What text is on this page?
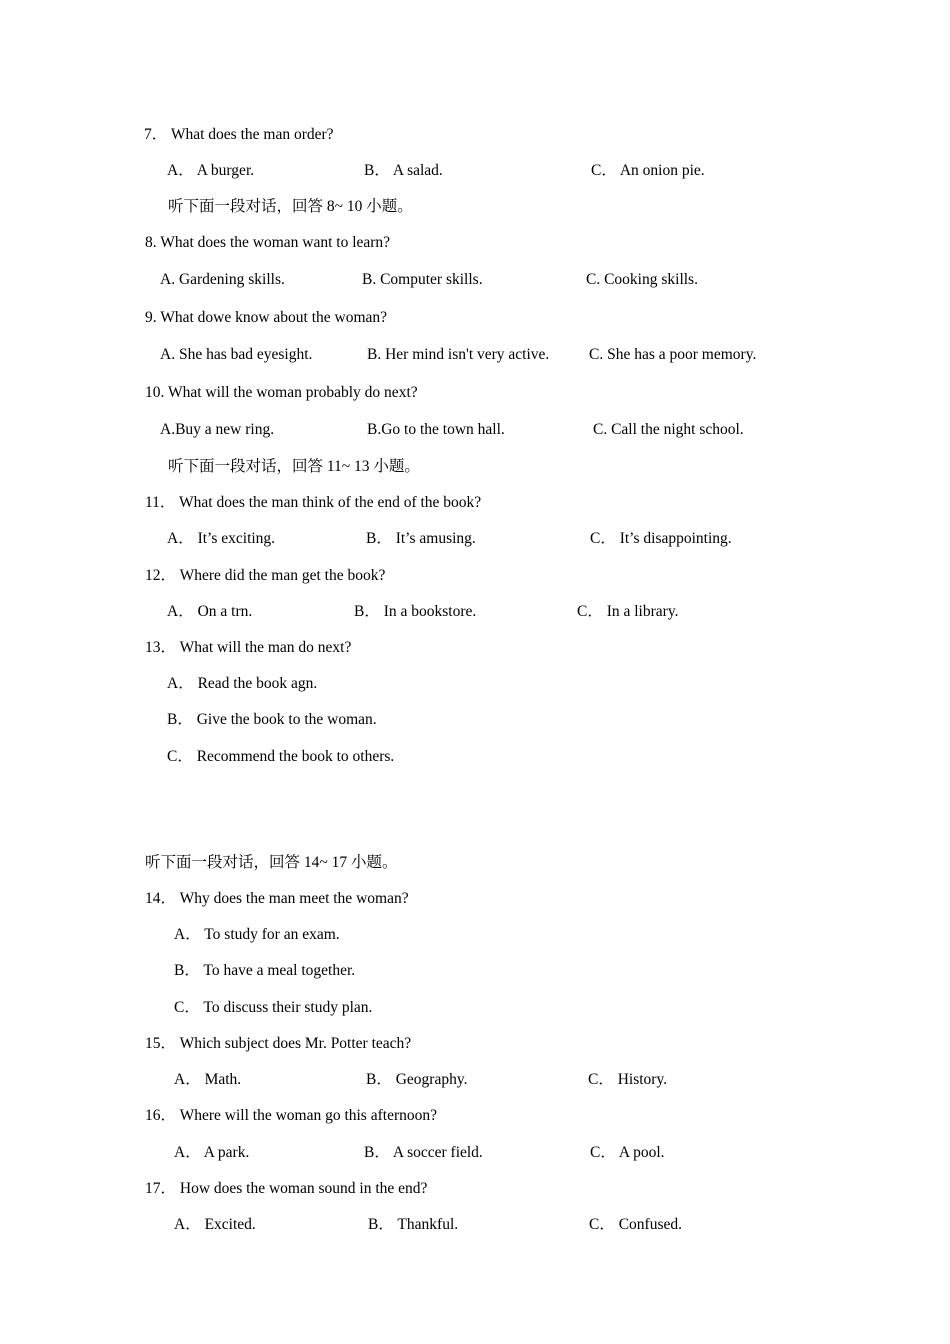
7． What does the man order?
A． A burger.	B． A salad.	C． An onion pie.
听下面一段对话，回答 8~ 10 小题。
8. What does the woman want to learn?
A. Gardening skills.	B. Computer skills.	C. Cooking skills.
9. What dowe know about the woman?
A. She has bad eyesight.	B. Her mind isn't very active.	C. She has a poor memory.
10. What will the woman probably do next?
A.Buy a new ring.	B.Go to the town hall.	C. Call the night school.
听下面一段对话，回答 11~ 13 小题。
11． What does the man think of the end of the book?
A． It’s exciting.	B． It’s amusing.	C． It’s disappointing.
12． Where did the man get the book?
A． On a trn.	B． In a bookstore.	C． In a library.
13． What will the man do next?
A． Read the book agn.
B． Give the book to the woman.
C． Recommend the book to others.
听下面一段对话，回答 14~ 17 小题。
14． Why does the man meet the woman?
A． To study for an exam.
B． To have a meal together.
C． To discuss their study plan.
15． Which subject does Mr. Potter teach?
A． Math.	B． Geography.	C． History.
16． Where will the woman go this afternoon?
A． A park.	B． A soccer field.	C． A pool.
17． How does the woman sound in the end?
A． Excited.	B． Thankful.	C． Confused.
